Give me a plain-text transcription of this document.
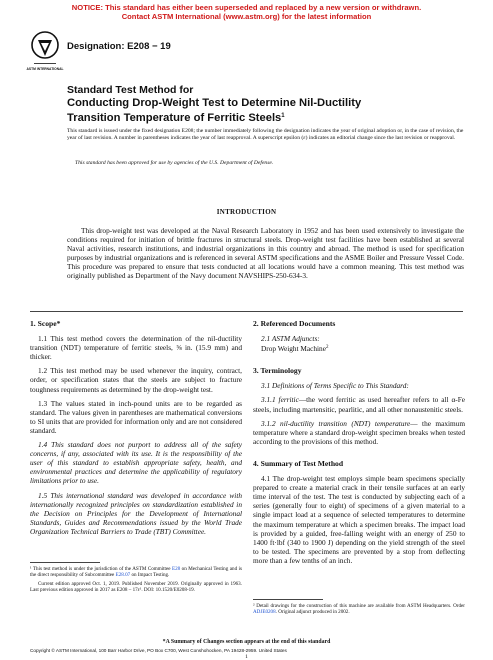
NOTICE: This standard has either been superseded and replaced by a new version or withdrawn.
Contact ASTM International (www.astm.org) for the latest information
ASTM INTERNATIONAL
Designation: E208 − 19
Standard Test Method for
Conducting Drop-Weight Test to Determine Nil-Ductility
Transition Temperature of Ferritic Steels$^1$
This standard is issued under the fixed designation E208; the number immediately following the designation indicates the year of original adoption or, in the case of revision, the year of last revision. A number in parentheses indicates the year of last reapproval. A superscript epsilon (ε) indicates an editorial change since the last revision or reapproval.
This standard has been approved for use by agencies of the U.S. Department of Defense.
INTRODUCTION
This drop-weight test was developed at the Naval Research Laboratory in 1952 and has been used extensively to investigate the conditions required for initiation of brittle fractures in structural steels. Drop-weight test facilities have been established at several Naval activities, research institutions, and industrial organizations in this country and abroad. The method is used for specification purposes by industrial organizations and is referenced in several ASTM specifications and the ASME Boiler and Pressure Vessel Code. This procedure was prepared to ensure that tests conducted at all locations would have a common meaning. This test method was originally published as Department of the Navy document NAVSHIPS-250-634-3.
1. Scope*

1.1 This test method covers the determination of the nil-ductility transition (NDT) temperature of ferritic steels, ⅝ in. (15.9 mm) and thicker.

1.2 This test method may be used whenever the inquiry, contract, order, or specification states that the steels are subject to fracture toughness requirements as determined by the drop-weight test.

1.3 The values stated in inch-pound units are to be regarded as standard. The values given in parentheses are mathematical conversions to SI units that are provided for information only and are not considered standard.

1.4 This standard does not purport to address all of the safety concerns, if any, associated with its use. It is the responsibility of the user of this standard to establish appropriate safety, health, and environmental practices and determine the applicability of regulatory limitations prior to use.

1.5 This international standard was developed in accordance with internationally recognized principles on standardization established in the Decision on Principles for the Development of International Standards, Guides and Recommendations issued by the World Trade Organization Technical Barriers to Trade (TBT) Committee.

2. Referenced Documents

2.1 ASTM Adjuncts:

Drop Weight Machine$^2$

3. Terminology

3.1 Definitions of Terms Specific to This Standard:

3.1.1 ferritic—the word ferritic as used hereafter refers to all α-Fe steels, including martensitic, pearlitic, and all other nonaustenitic steels.

3.1.2 nil-ductility transition (NDT) temperature— the maximum temperature where a standard drop-weight specimen breaks when tested according to the provisions of this method.

4. Summary of Test Method

4.1 The drop-weight test employs simple beam specimens specially prepared to create a material crack in their tensile surfaces at an early time interval of the test. The test is conducted by subjecting each of a series (generally four to eight) of specimens of a given material to a single impact load at a sequence of selected temperatures to determine the maximum temperature at which a specimen breaks. The impact load is provided by a guided, free-falling weight with an energy of 250 to 1400 ft·lbf (340 to 1900 J) depending on the yield strength of the steel to be tested. The specimens are prevented by a stop from deflecting more than a few tenths of an inch.

¹ This test method is under the jurisdiction of the ASTM Committee E28 on Mechanical Testing and is the direct responsibility of Subcommittee E28.07 on Impact Testing.
Current edition approved Oct. 1, 2019. Published November 2019. Originally approved in 1963. Last previous edition approved in 2017 as E208 – 17ε¹. DOI: 10.1520/E0208-19.
² Detail drawings for the construction of this machine are available from ASTM Headquarters. Order ADJE0208. Original adjunct produced in 2002.
*A Summary of Changes section appears at the end of this standard
Copyright © ASTM International, 100 Barr Harbor Drive, PO Box C700, West Conshohocken, PA 19428-2959. United States
1
